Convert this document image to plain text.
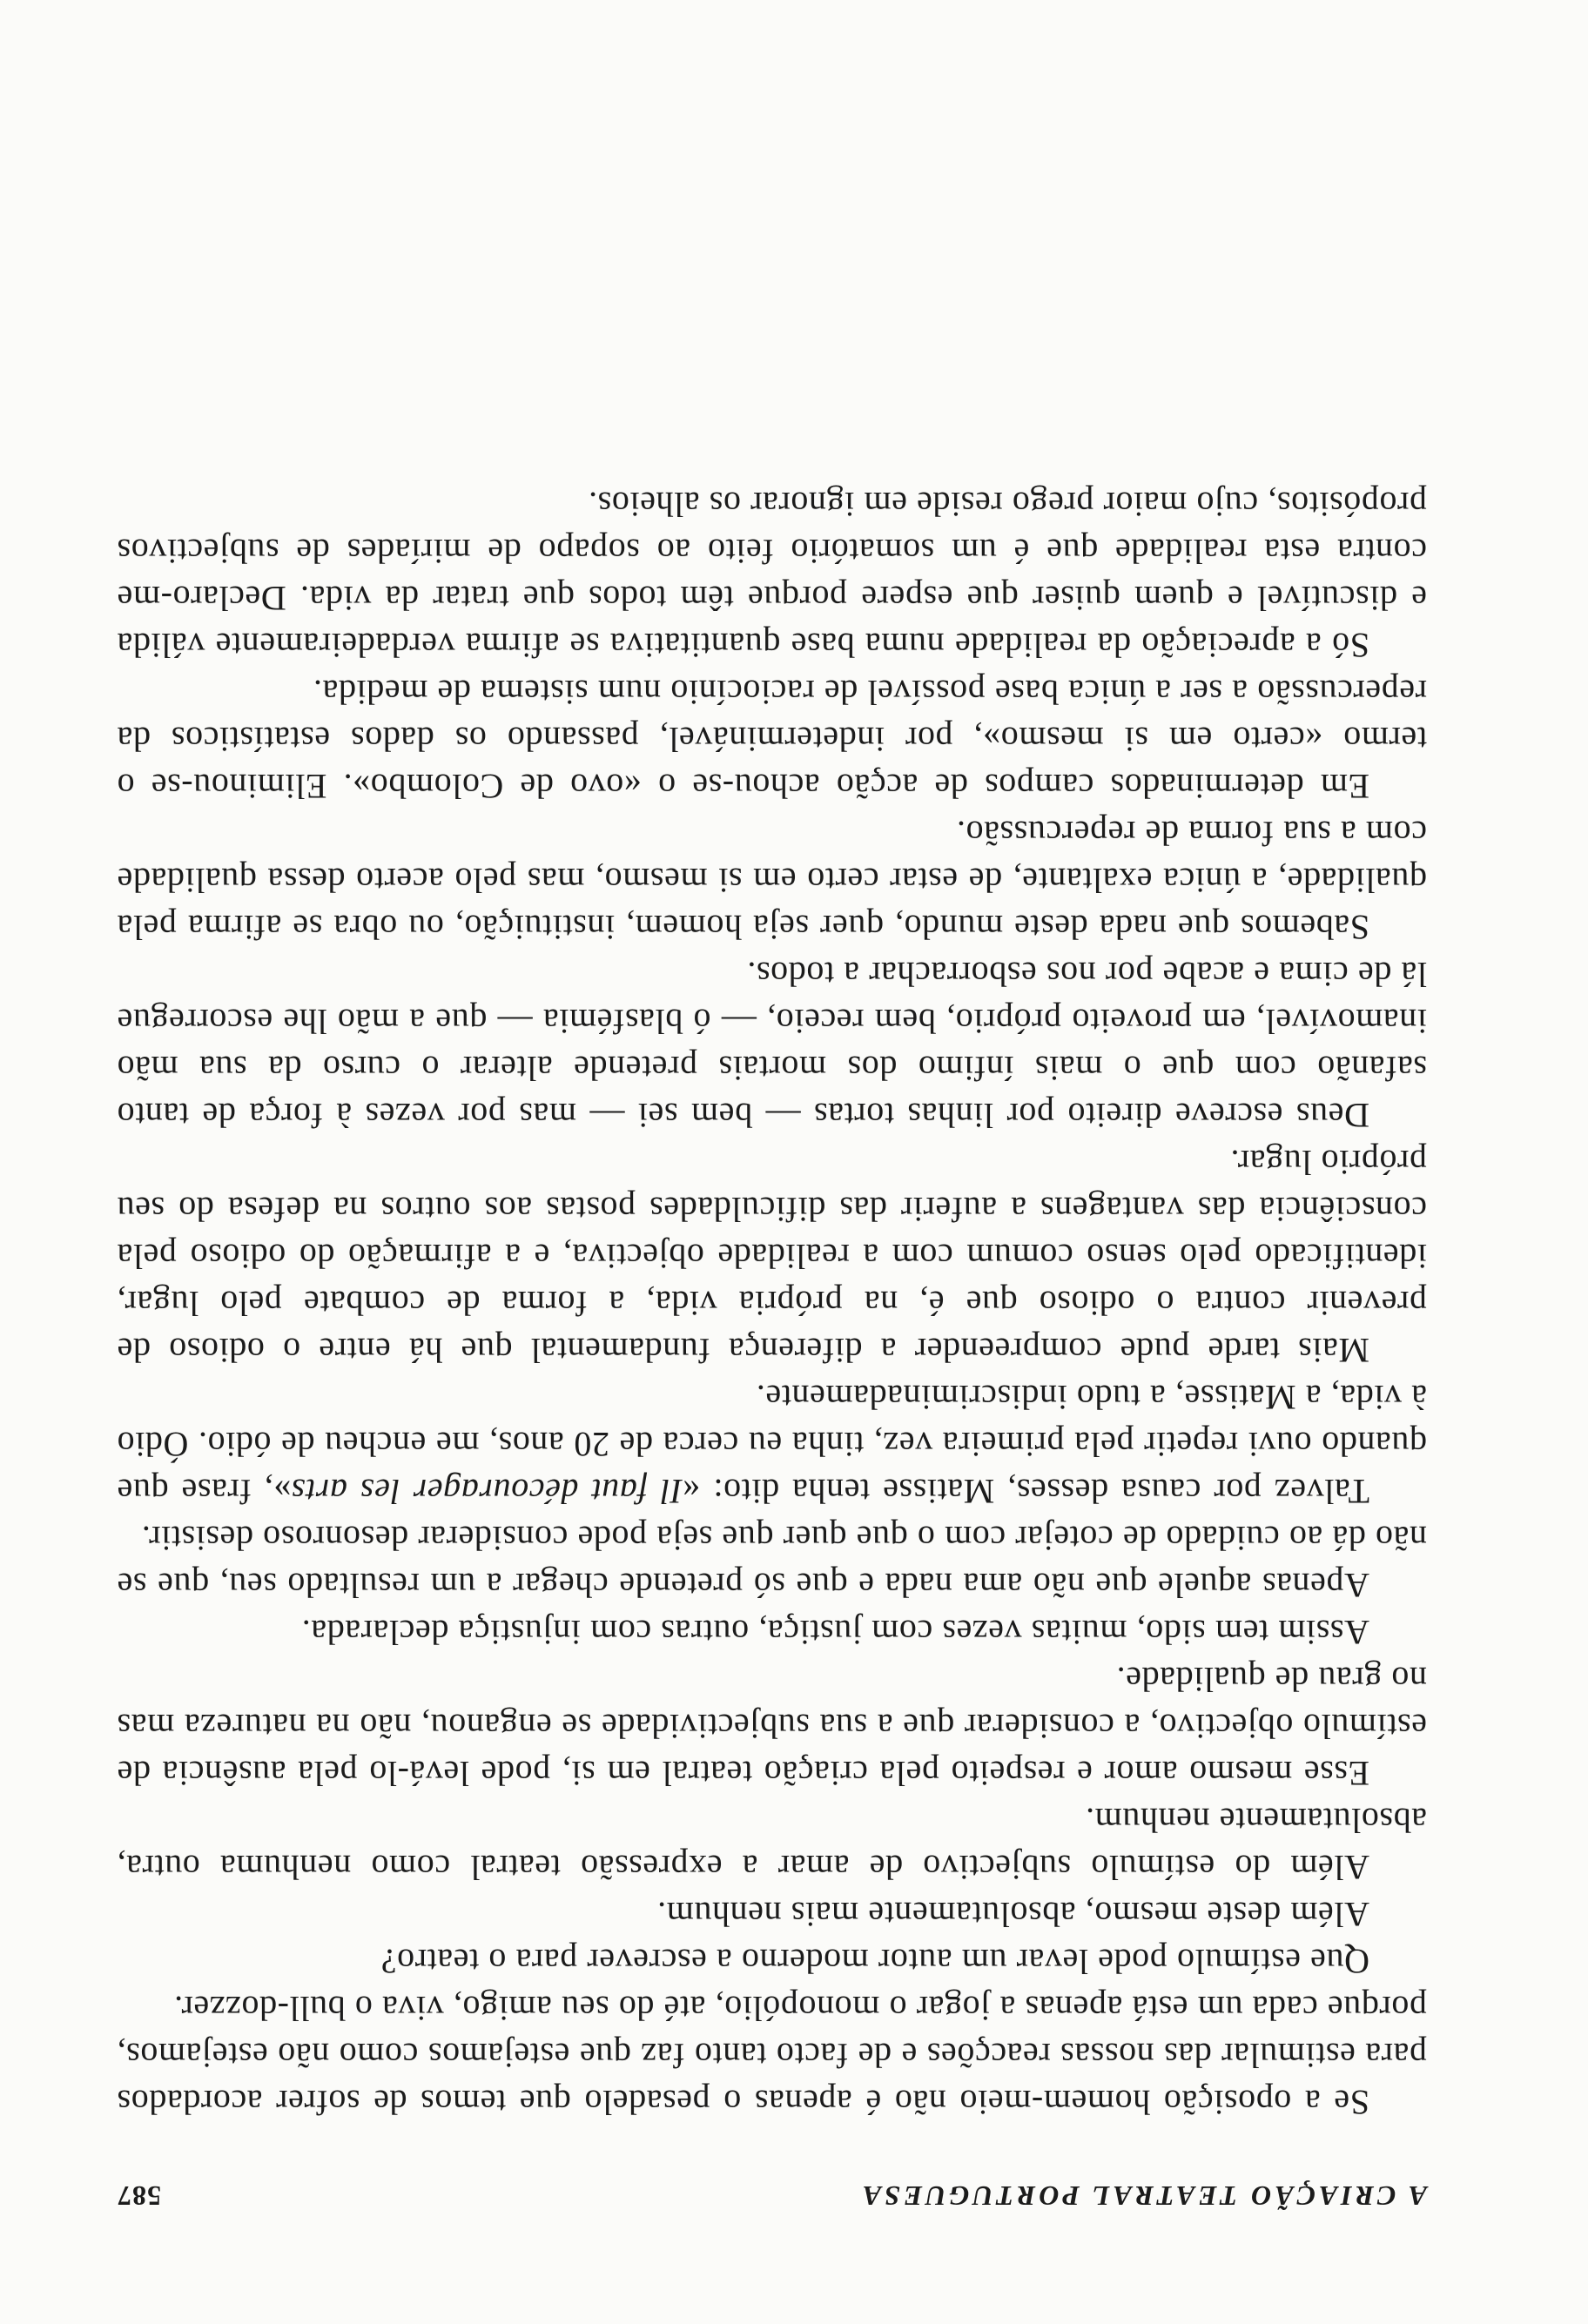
A CRIAÇÃO TEATRAL PORTUGUESA
587

Se a oposição homem-meio não é apenas o pesadelo que temos de sofrer acordados para estimular das nossas reacções e de facto tanto faz que estejamos como não estejamos, porque cada um está apenas a jogar o monopólio, até do seu amigo, viva o bull-dozzer.

Que estímulo pode levar um autor moderno a escrever para o teatro?

Além deste mesmo, absolutamente mais nenhum.

Além do estímulo subjectivo de amar a expressão teatral como nenhuma outra, absolutamente nenhum.

Esse mesmo amor e respeito pela criação teatral em si, pode levá-lo pela ausência de estímulo objectivo, a considerar que a sua subjectividade se enganou, não na natureza mas no grau de qualidade.

Assim tem sido, muitas vezes com justiça, outras com injustiça declarada.

Apenas aquele que não ama nada e que só pretende chegar a um resultado seu, que se não dá ao cuidado de cotejar com o que quer que seja pode considerar desonroso desistir.

Talvez por causa desses, Matisse tenha dito: «Il faut décourager les arts», frase que quando ouvi repetir pela primeira vez, tinha eu cerca de 20 anos, me encheu de ódio. Ódio à vida, a Matisse, a tudo indiscriminadamente.

Mais tarde pude compreender a diferença fundamental que há entre o odioso de prevenir contra o odioso que é, na própria vida, a forma de combate pelo lugar, identificado pelo senso comum com a realidade objectiva, e a afirmação do odioso pela consciência das vantagens a auferir das dificuldades postas aos outros na defesa do seu próprio lugar.

Deus escreve direito por linhas tortas — bem sei — mas por vezes à força de tanto safanão com que o mais ínfimo dos mortais pretende alterar o curso da sua mão inamovível, em proveito próprio, bem receio, — ó blasfémia — que a mão lhe escorregue lá de cima e acabe por nos esborrachar a todos.

Sabemos que nada deste mundo, quer seja homem, instituição, ou obra se afirma pela qualidade, a única exaltante, de estar certo em si mesmo, mas pelo acerto dessa qualidade com a sua forma de repercussão.

Em determinados campos de acção achou-se o «ovo de Colombo». Eliminou-se o termo «certo em si mesmo», por indeterminável, passando os dados estatísticos da repercussão a ser a única base possível de raciocínio num sistema de medida.

Só a apreciação da realidade numa base quantitativa se afirma verdadeiramente válida e discutível e quem quiser que espere porque têm todos que tratar da vida. Declaro-me contra esta realidade que é um somatório feito ao sopapo de miríades de subjectivos propósitos, cujo maior prego reside em ignorar os alheios.
